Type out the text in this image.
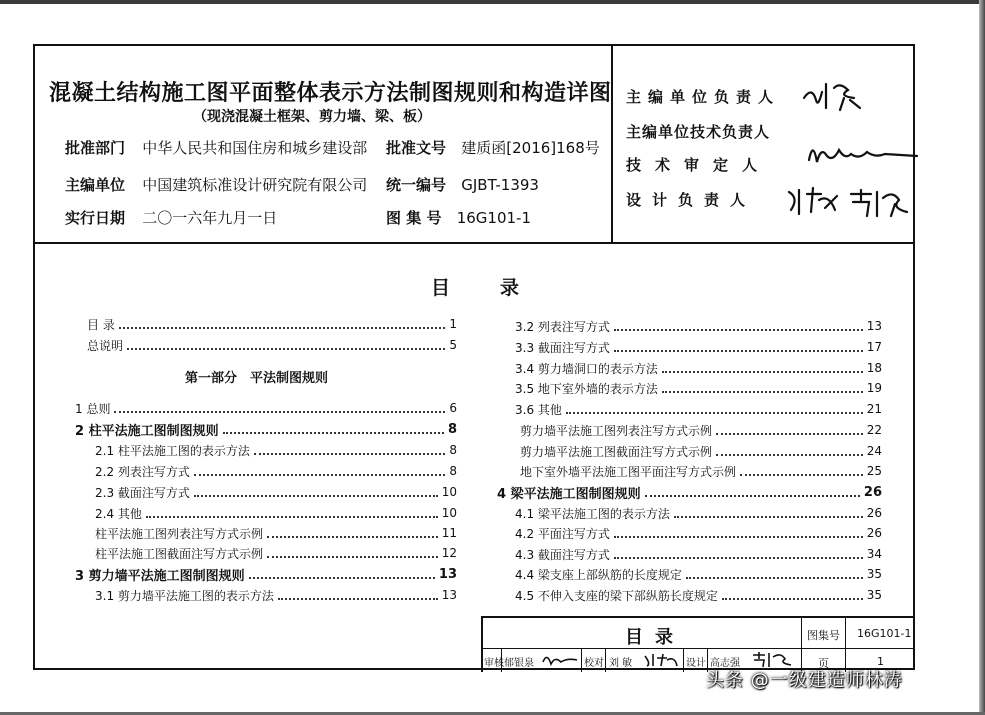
混凝土结构施工图平面整体表示方法制图规则和构造详图
（现浇混凝土框架、剪力墙、梁、板）
批准部门 中华人民共和国住房和城乡建设部 批准文号 建质函[2016]168号
主编单位 中国建筑标准设计研究院有限公司 统一编号 GJBT-1393
实行日期 二〇一六年九月一日	图 集 号 16G101-1
主编单位负责人
主编单位技术负责人
技术审定人
设计负责人
目录
第一部分　平法制图规则
目 录	1
总说明	5
1 总则	6
2 柱平法施工图制图规则	8
2.1 柱平法施工图的表示方法	8
2.2 列表注写方式	8
2.3 截面注写方式	10
2.4 其他	10
柱平法施工图列表注写方式示例	11
柱平法施工图截面注写方式示例	12
3 剪力墙平法施工图制图规则	13
3.1 剪力墙平法施工图的表示方法	13
3.2 列表注写方式	13
3.3 截面注写方式	17
3.4 剪力墙洞口的表示方法	18
3.5 地下室外墙的表示方法	19
3.6 其他	21
剪力墙平法施工图列表注写方式示例	22
剪力墙平法施工图截面注写方式示例	24
地下室外墙平法施工图平面注写方式示例	25
4 梁平法施工图制图规则	26
4.1 梁平法施工图的表示方法	26
4.2 平面注写方式	26
4.3 截面注写方式	34
4.4 梁支座上部纵筋的长度规定	35
4.5 不伸入支座的梁下部纵筋长度规定	35
目录	图集号 16G101-1
审核 郁银泉	校对 刘 敏	设计 高志强	页	1
头条 @一级建造师林涛
